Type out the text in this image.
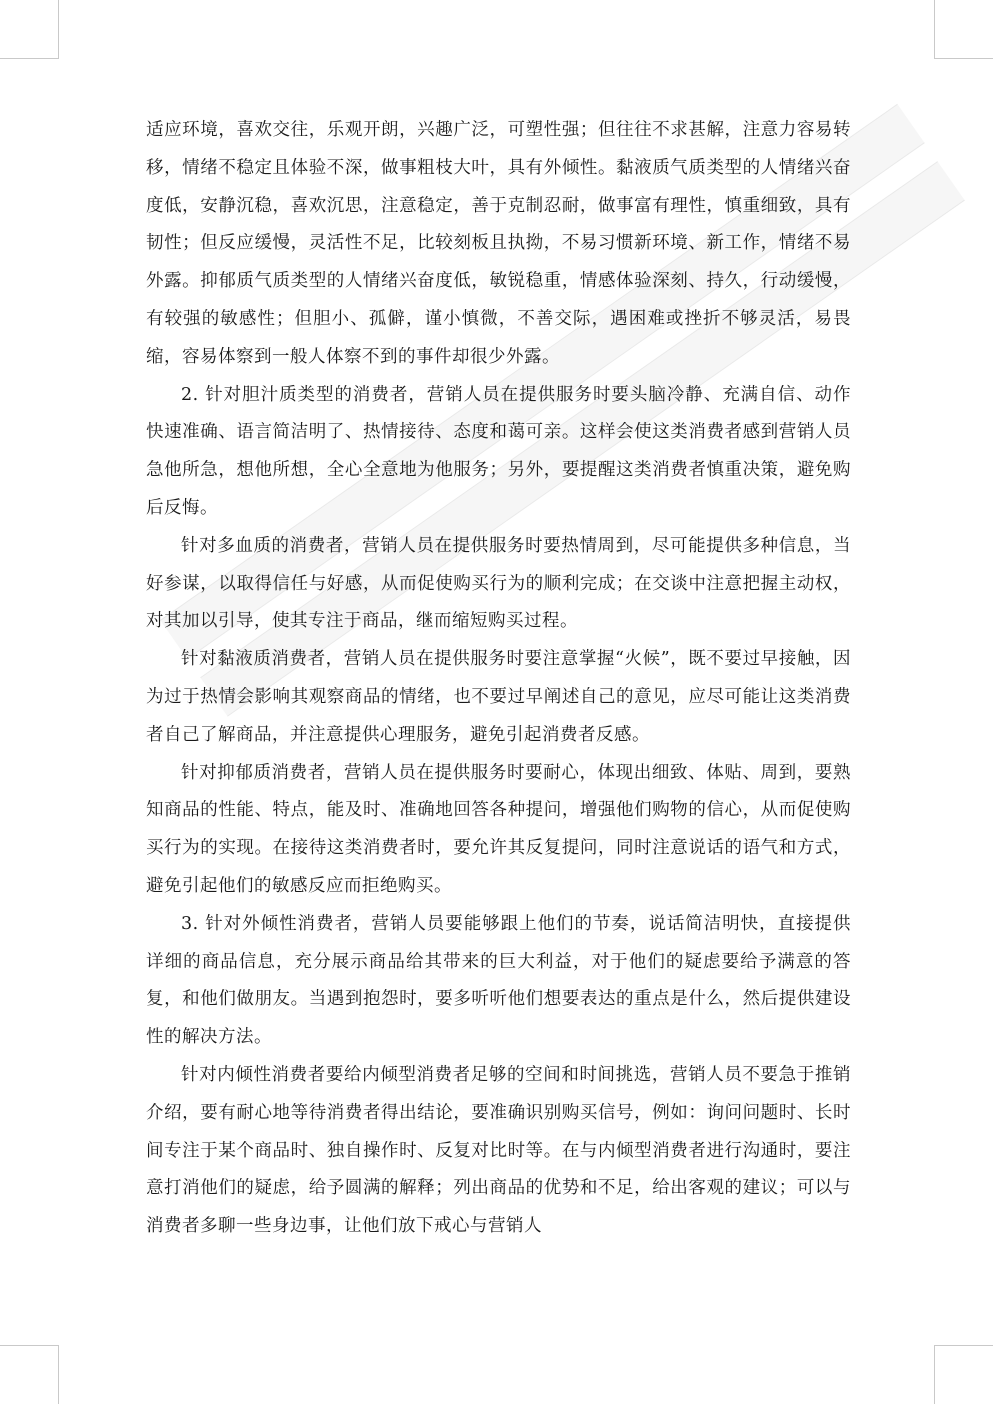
适应环境，喜欢交往，乐观开朗，兴趣广泛，可塑性强；但往往不求甚解，注意力容易转移，情绪不稳定且体验不深，做事粗枝大叶，具有外倾性。黏液质气质类型的人情绪兴奋度低，安静沉稳，喜欢沉思，注意稳定，善于克制忍耐，做事富有理性，慎重细致，具有韧性；但反应缓慢，灵活性不足，比较刻板且执拗，不易习惯新环境、新工作，情绪不易外露。抑郁质气质类型的人情绪兴奋度低，敏锐稳重，情感体验深刻、持久，行动缓慢，有较强的敏感性；但胆小、孤僻，谨小慎微，不善交际，遇困难或挫折不够灵活，易畏缩，容易体察到一般人体察不到的事件却很少外露。

2. 针对胆汁质类型的消费者，营销人员在提供服务时要头脑冷静、充满自信、动作快速准确、语言简洁明了、热情接待、态度和蔼可亲。这样会使这类消费者感到营销人员急他所急，想他所想，全心全意地为他服务；另外，要提醒这类消费者慎重决策，避免购后反悔。

针对多血质的消费者，营销人员在提供服务时要热情周到，尽可能提供多种信息，当好参谋，以取得信任与好感，从而促使购买行为的顺利完成；在交谈中注意把握主动权，对其加以引导，使其专注于商品，继而缩短购买过程。

针对黏液质消费者，营销人员在提供服务时要注意掌握“火候”，既不要过早接触，因为过于热情会影响其观察商品的情绪，也不要过早阐述自己的意见，应尽可能让这类消费者自己了解商品，并注意提供心理服务，避免引起消费者反感。

针对抑郁质消费者，营销人员在提供服务时要耐心，体现出细致、体贴、周到，要熟知商品的性能、特点，能及时、准确地回答各种提问，增强他们购物的信心，从而促使购买行为的实现。在接待这类消费者时，要允许其反复提问，同时注意说话的语气和方式，避免引起他们的敏感反应而拒绝购买。

3. 针对外倾性消费者，营销人员要能够跟上他们的节奏，说话简洁明快，直接提供详细的商品信息，充分展示商品给其带来的巨大利益，对于他们的疑虑要给予满意的答复，和他们做朋友。当遇到抱怨时，要多听听他们想要表达的重点是什么，然后提供建设性的解决方法。

针对内倾性消费者要给内倾型消费者足够的空间和时间挑选，营销人员不要急于推销介绍，要有耐心地等待消费者得出结论，要准确识别购买信号，例如：询问问题时、长时间专注于某个商品时、独自操作时、反复对比时等。在与内倾型消费者进行沟通时，要注意打消他们的疑虑，给予圆满的解释；列出商品的优势和不足，给出客观的建议；可以与消费者多聊一些身边事，让他们放下戒心与营销人
